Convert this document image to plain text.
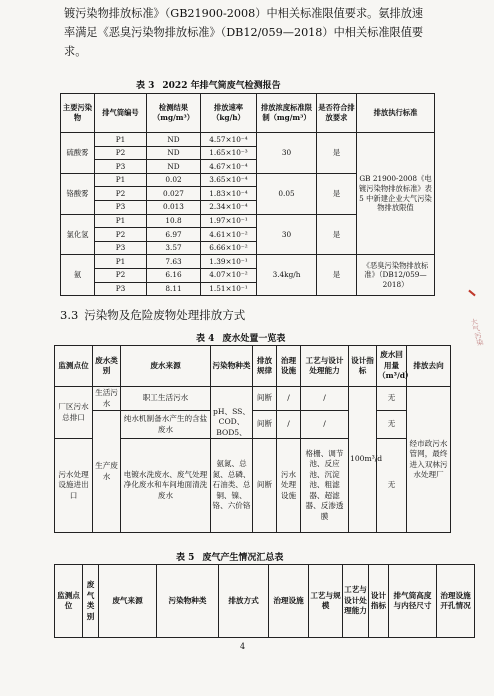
镀污染物排放标准》（GB21900-2008）中相关标准限值要求。氨排放速

率满足《恶臭污染物排放标准》（DB12/059—2018）中相关标准限值要

求。

表 3 2022 年排气筒废气检测报告
主要污染物	排气筒编号	检测结果（mg/m³）	排放速率（kg/h）	排放浓度标准限制（mg/m³）	是否符合排放要求	排放执行标准
硫酸雾	P1	ND	4.57×10⁻⁴	30	是	GB 21900-2008《电镀污染物排放标准》表 5 中新建企业大气污染物排放限值
	P2	ND	1.65×10⁻³			
	P3	ND	4.67×10⁻⁴			
铬酸雾	P1	0.02	3.65×10⁻⁴	0.05	是	
	P2	0.027	1.83×10⁻⁴			
	P3	0.013	2.34×10⁻⁴			
氯化氢	P1	10.8	1.97×10⁻¹	30	是	
	P2	6.97	4.61×10⁻²			
	P3	3.57	6.66×10⁻²			
氨	P1	7.63	1.39×10⁻¹	3.4kg/h	是	《恶臭污染物排放标准》（DB12/059—2018）
	P2	6.16	4.07×10⁻²			
	P3	8.11	1.51×10⁻¹			
3.3 污染物及危险废物处理排放方式
表 4 废水处置一览表
监测点位	废水类别	废水来源	污染物种类	排放规律	治理设施	工艺与设计处理能力	设计指标	废水回用量（m³/d）	排放去向
厂区污水总排口	生活污水	职工生活污水	pH、SS、COD、BOD5、	间断	/	/	100m³/d	无	经市政污水管网，最终进入双林污水处理厂
	生产废水	纯水机制备水产生的含盐废水		间断	/	/		无	
污水处理设施进出口		电镀水洗废水、废气处理净化废水和车间地面清洗废水	氨氮、总氮、总磷、石油类、总铜、镍、铬、六价铬	间断	污水处理设施	格栅、调节池、反应池、沉淀池、粗滤器、超滤器、反渗透膜		无	
表 5 废气产生情况汇总表
监测点位	废气类别	废气来源	污染物种类	排放方式	治理设施	工艺与规模	工艺与设计处理能力	设计指标	排气筒高度与内径尺寸	治理设施开孔情况
4
大气污染
